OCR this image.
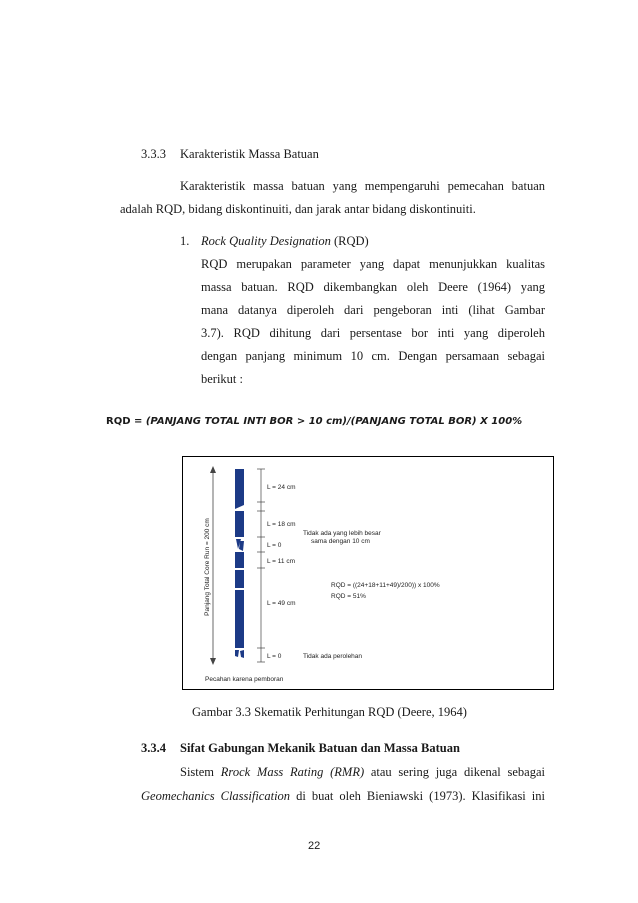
3.3.3 Karakteristik Massa Batuan
Karakteristik massa batuan yang mempengaruhi pemecahan batuan
adalah RQD, bidang diskontinuiti, dan jarak antar bidang diskontinuiti.
1. Rock Quality Designation (RQD)
RQD merupakan parameter yang dapat menunjukkan kualitas
massa batuan. RQD dikembangkan oleh Deere (1964) yang
mana datanya diperoleh dari pengeboran inti (lihat Gambar
3.7). RQD dihitung dari persentase bor inti yang diperoleh
dengan panjang minimum 10 cm. Dengan persamaan sebagai
berikut :
RQD = (PANJANG TOTAL INTI BOR > 10 cm)/(PANJANG TOTAL BOR) X 100%
Panjang Total Core Run = 200 cm
L = 24 cm
L = 18 cm
L = 0
L = 11 cm
L = 49 cm
L = 0
Tidak ada yang lebih besar
sama dengan 10 cm
RQD = ((24+18+11+49)/200)) x 100%
RQD = 51%
Tidak ada perolehan
Pecahan karena pemboran
Gambar 3.3 Skematik Perhitungan RQD (Deere, 1964)
3.3.4 Sifat Gabungan Mekanik Batuan dan Massa Batuan
Sistem Rrock Mass Rating (RMR) atau sering juga dikenal sebagai
Geomechanics Classification di buat oleh Bieniawski (1973). Klasifikasi ini
22
